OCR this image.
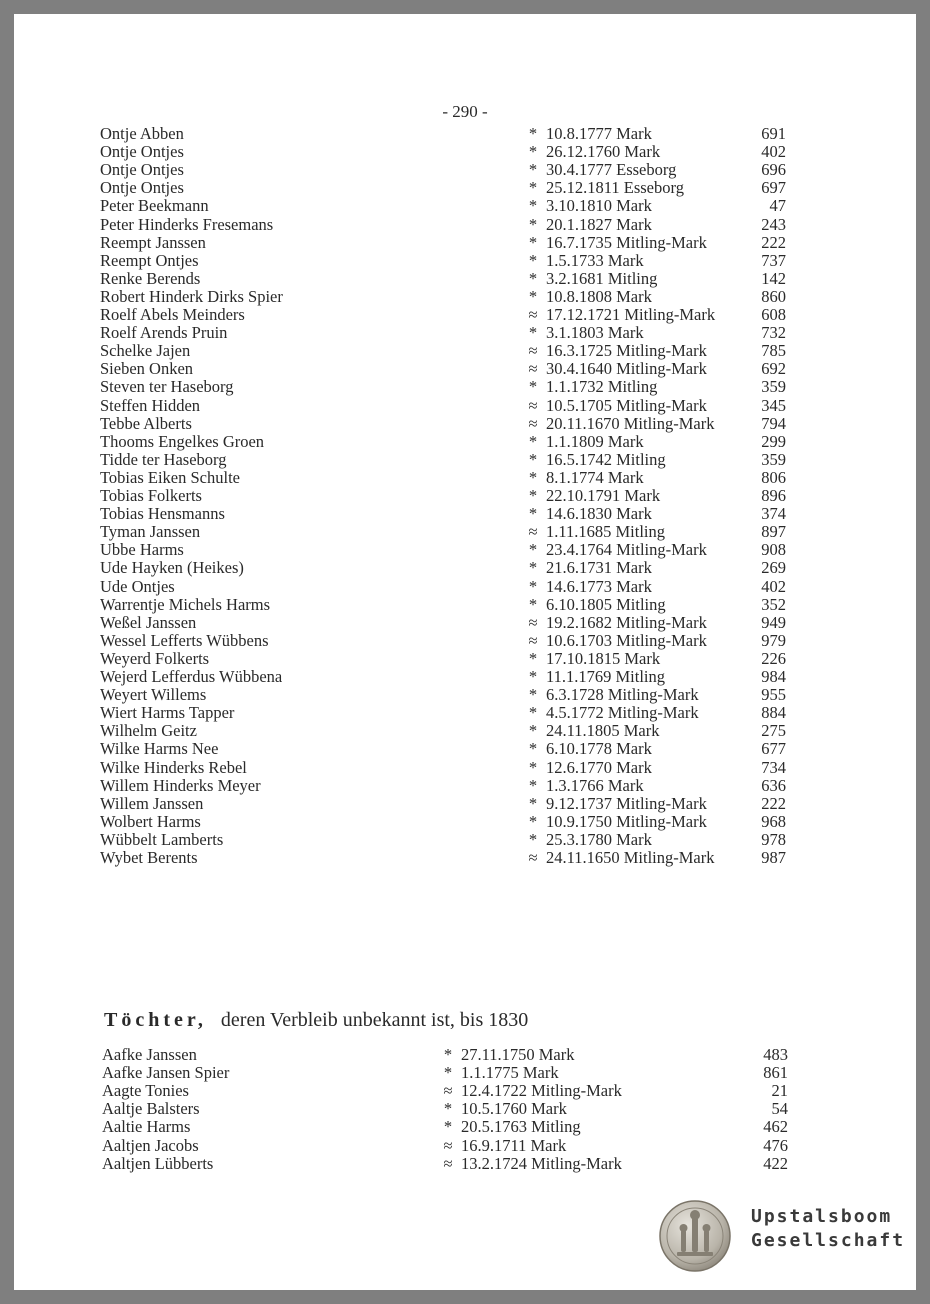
- 290 -
Ontje Abben	* 10.8.1777 Mark	691
Ontje Ontjes	* 26.12.1760 Mark	402
Ontje Ontjes	* 30.4.1777 Esseborg	696
Ontje Ontjes	* 25.12.1811 Esseborg	697
Peter Beekmann	* 3.10.1810 Mark	47
Peter Hinderks Fresemans	* 20.1.1827 Mark	243
Reempt Janssen	* 16.7.1735 Mitling-Mark	222
Reempt Ontjes	* 1.5.1733 Mark	737
Renke Berends	* 3.2.1681 Mitling	142
Robert Hinderk Dirks Spier	* 10.8.1808 Mark	860
Roelf Abels Meinders	≈ 17.12.1721 Mitling-Mark	608
Roelf Arends Pruin	* 3.1.1803 Mark	732
Schelke Jajen	≈ 16.3.1725 Mitling-Mark	785
Sieben Onken	≈ 30.4.1640 Mitling-Mark	692
Steven ter Haseborg	* 1.1.1732 Mitling	359
Steffen Hidden	≈ 10.5.1705 Mitling-Mark	345
Tebbe Alberts	≈ 20.11.1670 Mitling-Mark	794
Thooms Engelkes Groen	* 1.1.1809 Mark	299
Tidde ter Haseborg	* 16.5.1742 Mitling	359
Tobias Eiken Schulte	* 8.1.1774 Mark	806
Tobias Folkerts	* 22.10.1791 Mark	896
Tobias Hensmanns	* 14.6.1830 Mark	374
Tyman Janssen	≈ 1.11.1685 Mitling	897
Ubbe Harms	* 23.4.1764 Mitling-Mark	908
Ude Hayken (Heikes)	* 21.6.1731 Mark	269
Ude Ontjes	* 14.6.1773 Mark	402
Warrentje Michels Harms	* 6.10.1805 Mitling	352
Weßel Janssen	≈ 19.2.1682 Mitling-Mark	949
Wessel Lefferts Wübbens	≈ 10.6.1703 Mitling-Mark	979
Weyerd Folkerts	* 17.10.1815 Mark	226
Wejerd Lefferdus Wübbena	* 11.1.1769 Mitling	984
Weyert Willems	* 6.3.1728 Mitling-Mark	955
Wiert Harms Tapper	* 4.5.1772 Mitling-Mark	884
Wilhelm Geitz	* 24.11.1805 Mark	275
Wilke Harms Nee	* 6.10.1778 Mark	677
Wilke Hinderks Rebel	* 12.6.1770 Mark	734
Willem Hinderks Meyer	* 1.3.1766 Mark	636
Willem Janssen	* 9.12.1737 Mitling-Mark	222
Wolbert Harms	* 10.9.1750 Mitling-Mark	968
Wübbelt Lamberts	* 25.3.1780 Mark	978
Wybet Berents	≈ 24.11.1650 Mitling-Mark	987
Töchter, deren Verbleib unbekannt ist, bis 1830
Aafke Janssen	* 27.11.1750 Mark	483
Aafke Jansen Spier	* 1.1.1775 Mark	861
Aagte Tonies	≈ 12.4.1722 Mitling-Mark	21
Aaltje Balsters	* 10.5.1760 Mark	54
Aaltie Harms	* 20.5.1763 Mitling	462
Aaltjen Jacobs	≈ 16.9.1711 Mark	476
Aaltjen Lübberts	≈ 13.2.1724 Mitling-Mark	422
Upstalsboom
Gesellschaft
